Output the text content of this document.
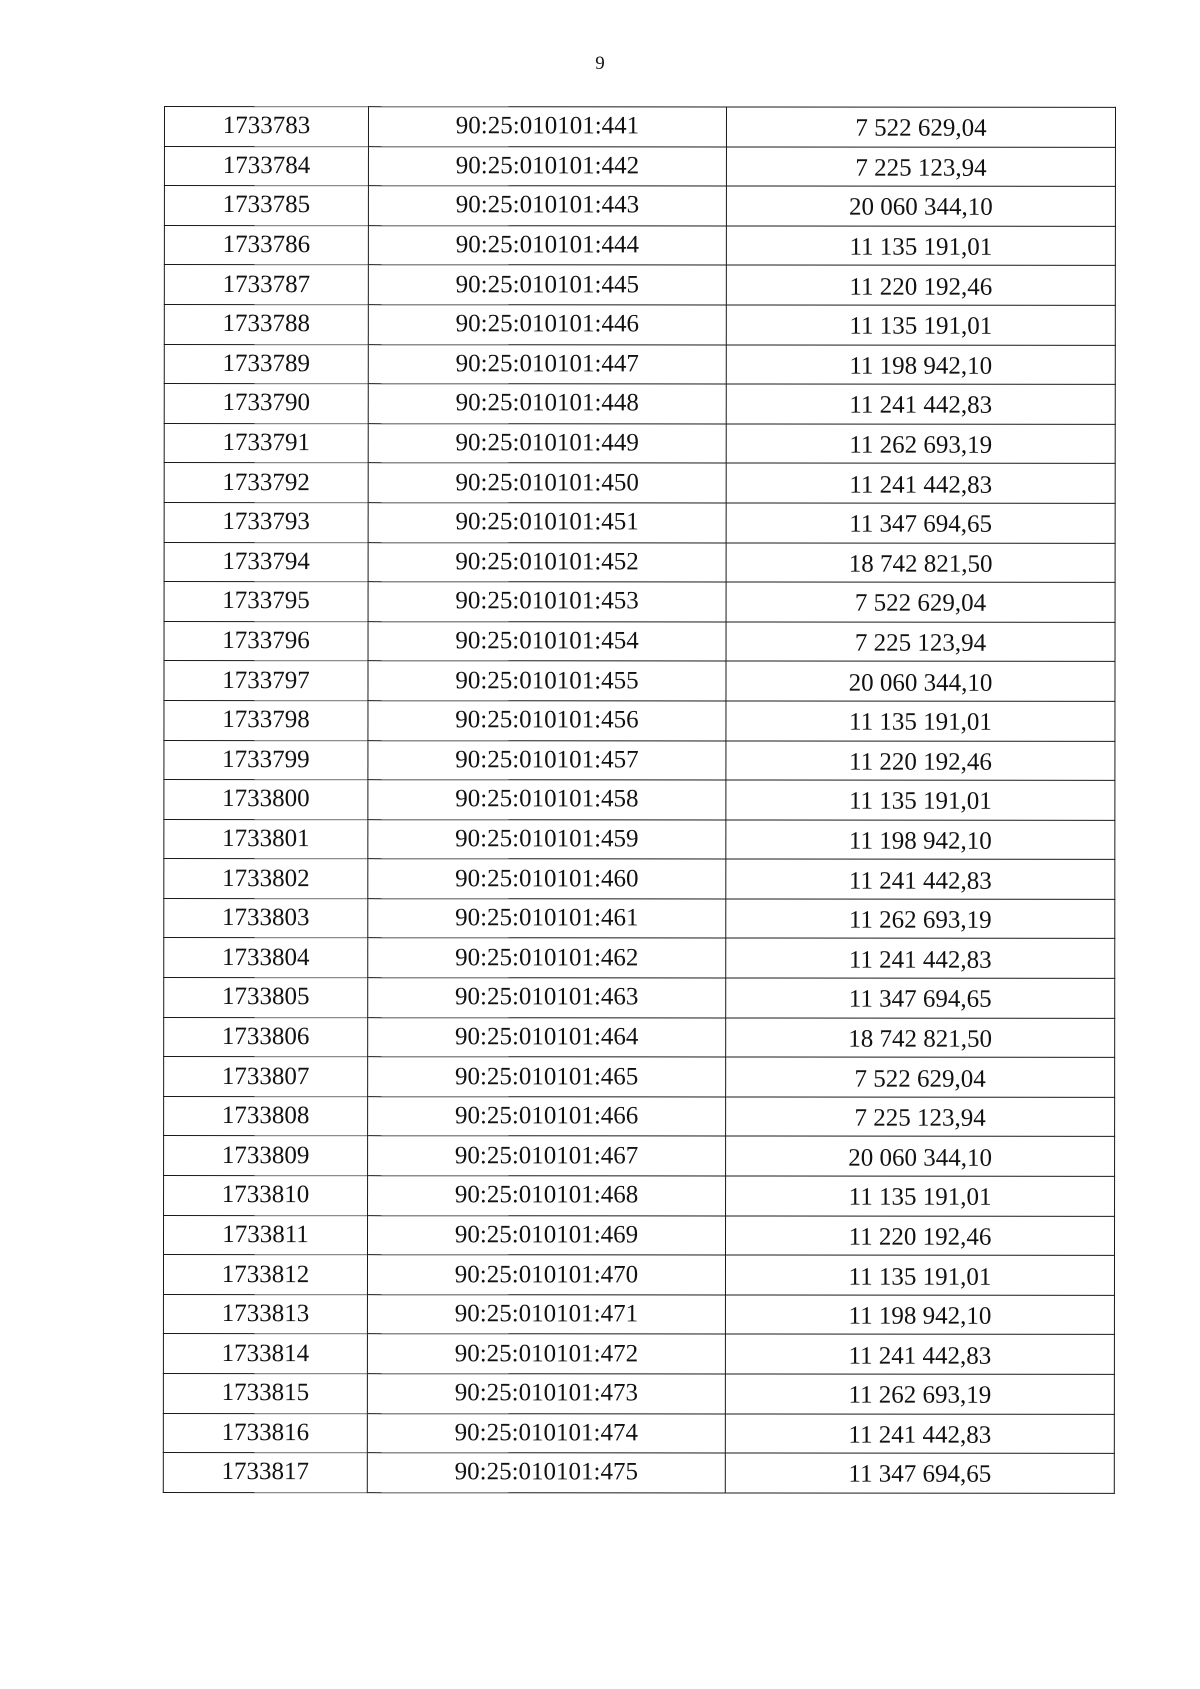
9
1733783	90:25:010101:441	7 522 629,04
1733784	90:25:010101:442	7 225 123,94
1733785	90:25:010101:443	20 060 344,10
1733786	90:25:010101:444	11 135 191,01
1733787	90:25:010101:445	11 220 192,46
1733788	90:25:010101:446	11 135 191,01
1733789	90:25:010101:447	11 198 942,10
1733790	90:25:010101:448	11 241 442,83
1733791	90:25:010101:449	11 262 693,19
1733792	90:25:010101:450	11 241 442,83
1733793	90:25:010101:451	11 347 694,65
1733794	90:25:010101:452	18 742 821,50
1733795	90:25:010101:453	7 522 629,04
1733796	90:25:010101:454	7 225 123,94
1733797	90:25:010101:455	20 060 344,10
1733798	90:25:010101:456	11 135 191,01
1733799	90:25:010101:457	11 220 192,46
1733800	90:25:010101:458	11 135 191,01
1733801	90:25:010101:459	11 198 942,10
1733802	90:25:010101:460	11 241 442,83
1733803	90:25:010101:461	11 262 693,19
1733804	90:25:010101:462	11 241 442,83
1733805	90:25:010101:463	11 347 694,65
1733806	90:25:010101:464	18 742 821,50
1733807	90:25:010101:465	7 522 629,04
1733808	90:25:010101:466	7 225 123,94
1733809	90:25:010101:467	20 060 344,10
1733810	90:25:010101:468	11 135 191,01
1733811	90:25:010101:469	11 220 192,46
1733812	90:25:010101:470	11 135 191,01
1733813	90:25:010101:471	11 198 942,10
1733814	90:25:010101:472	11 241 442,83
1733815	90:25:010101:473	11 262 693,19
1733816	90:25:010101:474	11 241 442,83
1733817	90:25:010101:475	11 347 694,65
